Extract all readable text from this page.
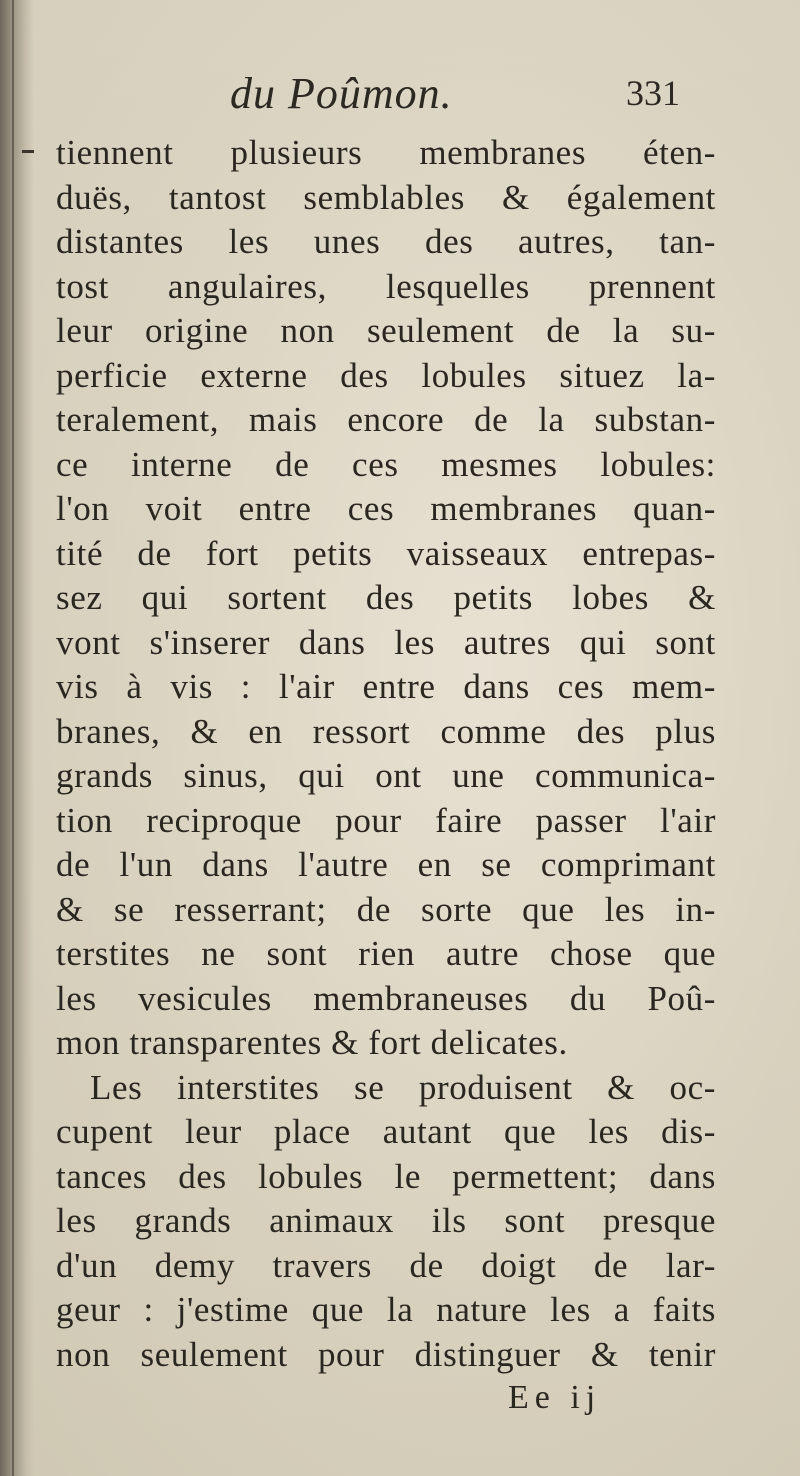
du Poûmon.	331
tiennent plusieurs membranes éten-
duës, tantost semblables & également
distantes les unes des autres, tan-
tost angulaires, lesquelles prennent
leur origine non seulement de la su-
perficie externe des lobules situez la-
teralement, mais encore de la substan-
ce interne de ces mesmes lobules:
l'on voit entre ces membranes quan-
tité de fort petits vaisseaux entrepas-
sez qui sortent des petits lobes &
vont s'inserer dans les autres qui sont
vis à vis : l'air entre dans ces mem-
branes, & en ressort comme des plus
grands sinus, qui ont une communica-
tion reciproque pour faire passer l'air
de l'un dans l'autre en se comprimant
& se resserrant; de sorte que les in-
terstites ne sont rien autre chose que
les vesicules membraneuses du Poû-
mon transparentes & fort delicates.
Les interstites se produisent & oc-
cupent leur place autant que les dis-
tances des lobules le permettent; dans
les grands animaux ils sont presque
d'un demy travers de doigt de lar-
geur : j'estime que la nature les a faits
non seulement pour distinguer & tenir
Ee ij
